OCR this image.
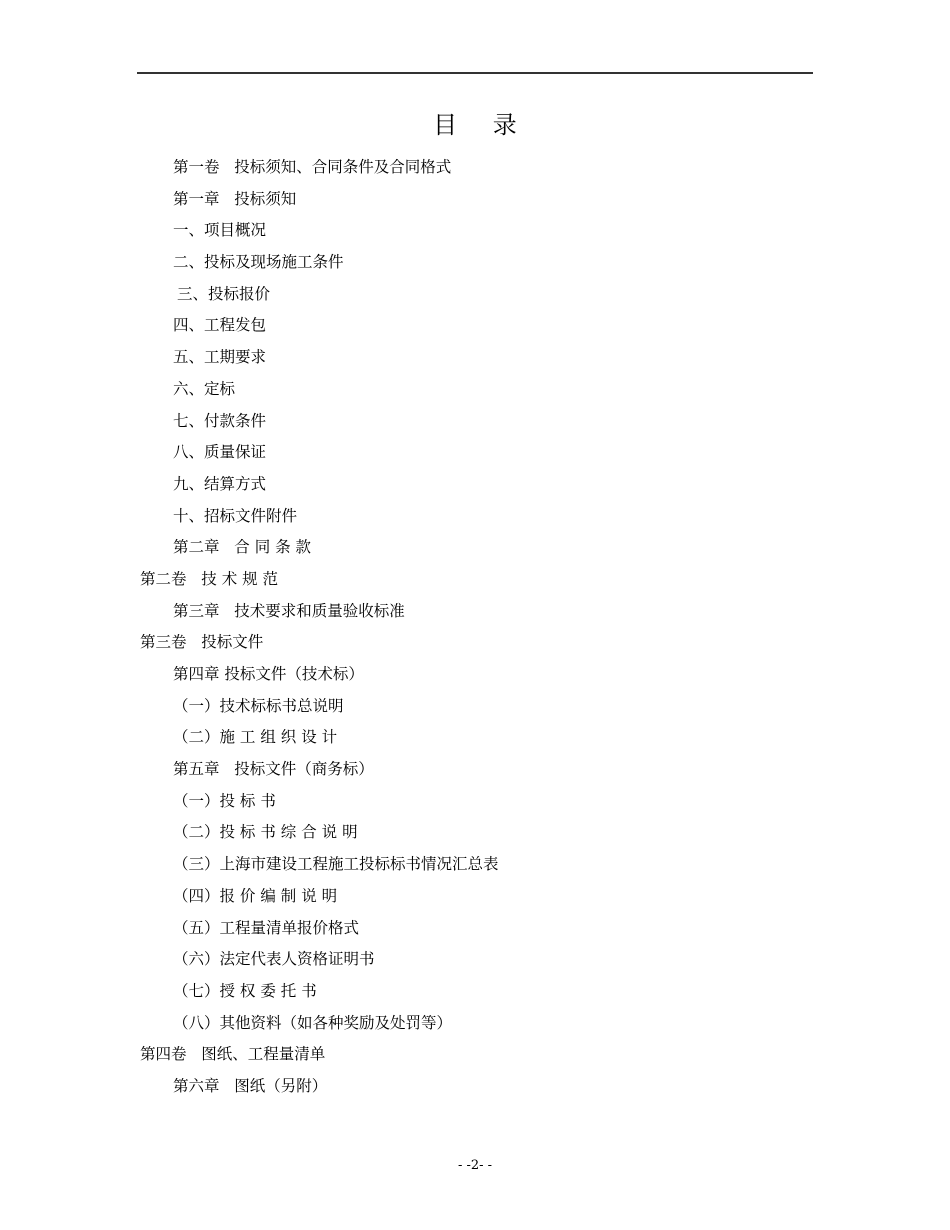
目 录
第一卷   投标须知、合同条件及合同格式
第一章   投标须知
一、项目概况
二、投标及现场施工条件
三、投标报价
四、工程发包
五、工期要求
六、定标
七、付款条件
八、质量保证
九、结算方式
十、招标文件附件
第二章   合 同 条 款
第二卷   技 术 规 范
第三章   技术要求和质量验收标准
第三卷   投标文件
第四章 投标文件（技术标）
（一）技术标标书总说明
（二）施 工 组 织 设 计
第五章   投标文件（商务标）
（一）投 标 书
（二）投 标 书 综 合 说 明
（三）上海市建设工程施工投标标书情况汇总表
（四）报 价 编 制 说 明
（五）工程量清单报价格式
（六）法定代表人资格证明书
（七）授 权 委 托 书
（八）其他资料（如各种奖励及处罚等）
第四卷   图纸、工程量清单
第六章   图纸（另附）
- -2- -
